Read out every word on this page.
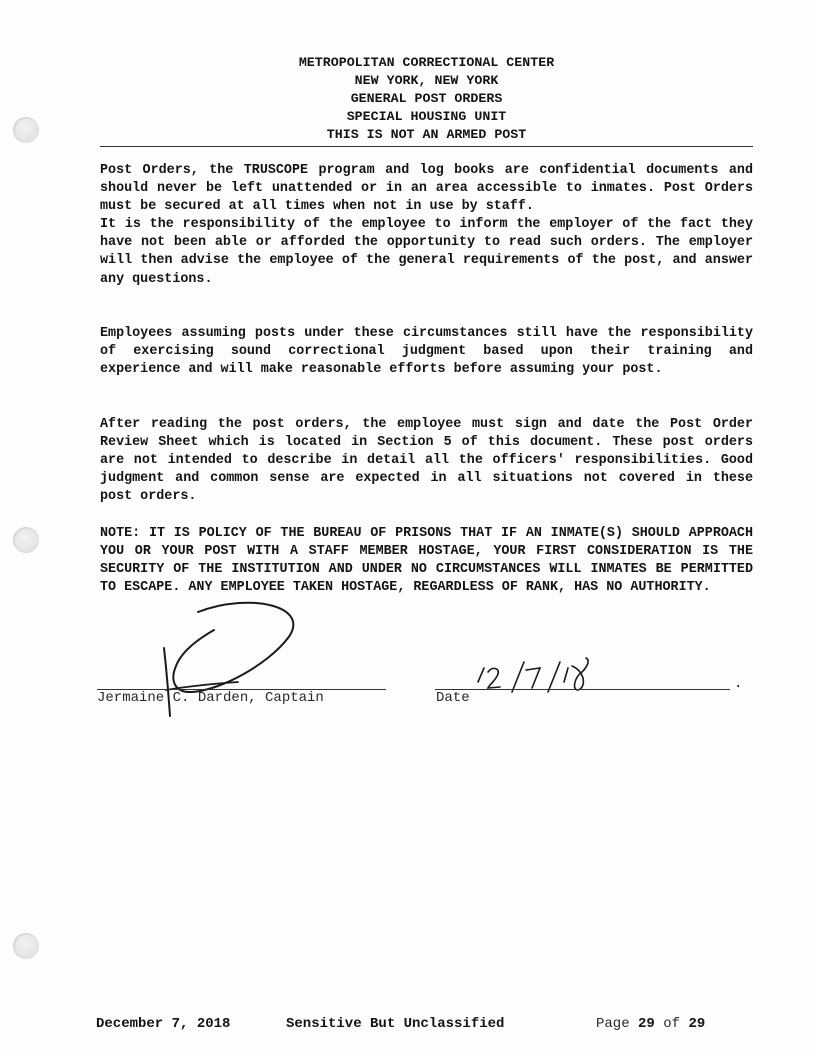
METROPOLITAN CORRECTIONAL CENTER
NEW YORK, NEW YORK
GENERAL POST ORDERS
SPECIAL HOUSING UNIT
THIS IS NOT AN ARMED POST
Post Orders, the TRUSCOPE program and log books are confidential documents and should never be left unattended or in an area accessible to inmates. Post Orders must be secured at all times when not in use by staff.
It is the responsibility of the employee to inform the employer of the fact they have not been able or afforded the opportunity to read such orders. The employer will then advise the employee of the general requirements of the post, and answer any questions.

Employees assuming posts under these circumstances still have the responsibility of exercising sound correctional judgment based upon their training and experience and will make reasonable efforts before assuming your post.

After reading the post orders, the employee must sign and date the Post Order Review Sheet which is located in Section 5 of this document. These post orders are not intended to describe in detail all the officers' responsibilities. Good judgment and common sense are expected in all situations not covered in these post orders.

NOTE: IT IS POLICY OF THE BUREAU OF PRISONS THAT IF AN INMATE(S) SHOULD APPROACH YOU OR YOUR POST WITH A STAFF MEMBER HOSTAGE, YOUR FIRST CONSIDERATION IS THE SECURITY OF THE INSTITUTION AND UNDER NO CIRCUMSTANCES WILL INMATES BE PERMITTED TO ESCAPE. ANY EMPLOYEE TAKEN HOSTAGE, REGARDLESS OF RANK, HAS NO AUTHORITY.

Jermaine C. Darden, Captain	Date
.
December 7, 2018	Sensitive But Unclassified	Page 29 of 29
